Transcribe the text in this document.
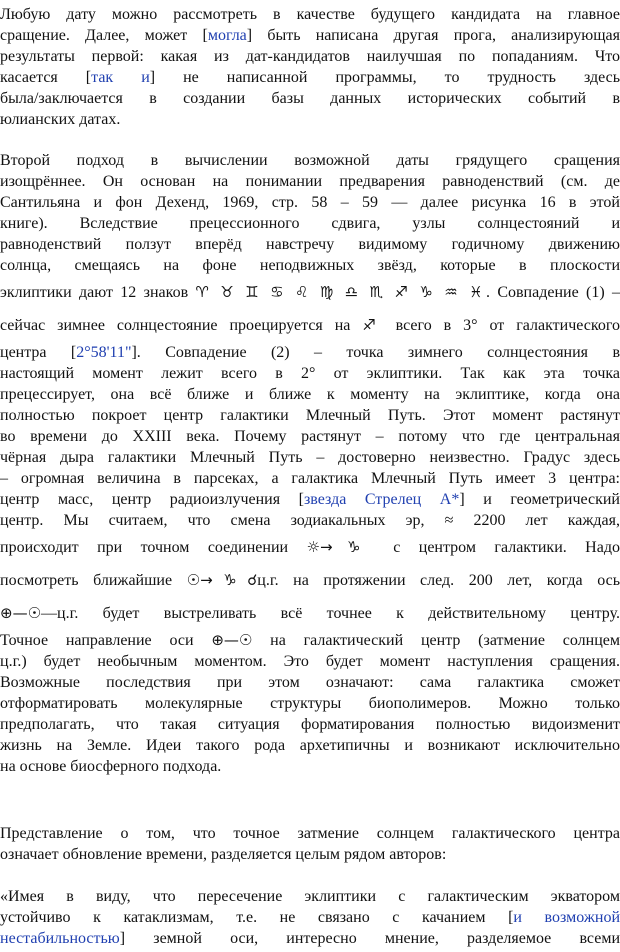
Любую дату можно рассмотреть в качестве будущего кандидата на главное
сращение. Далее, может [могла] быть написана другая прога, анализирующая
результаты первой: какая из дат-кандидатов наилучшая по попаданиям. Что
касается [так и] не написанной программы, то трудность здесь
была/заключается в создании базы данных исторических событий в
юлианских датах.
Второй подход в вычислении возможной даты грядущего сращения
изощрённее. Он основан на понимании предварения равноденствий (см. де
Сантильяна и фон Дехенд, 1969, стр. 58 – 59 — далее рисунка 16 в этой
книге). Вследствие прецессионного сдвига, узлы солнцестояний и
равноденствий ползут вперёд навстречу видимому годичному движению
солнца, смещаясь на фоне неподвижных звёзд, которые в плоскости
эклиптики дают 12 знаков ♈ ♉ ♊ ♋ ♌ ♍ ♎ ♏ ♐ ♑ ♒ ♓. Совпадение (1) –
сейчас зимнее солнцестояние проецируется на ♐ всего в 3° от галактического
центра [2°58'11"]. Совпадение (2) – точка зимнего солнцестояния в
настоящий момент лежит всего в 2° от эклиптики. Так как эта точка
прецессирует, она всё ближе и ближе к моменту на эклиптике, когда она
полностью покроет центр галактики Млечный Путь. Этот момент растянут
во времени до XXIII века. Почему растянут – потому что где центральная
чёрная дыра галактики Млечный Путь – достоверно неизвестно. Градус здесь
– огромная величина в парсеках, а галактика Млечный Путь имеет 3 центра:
центр масс, центр радиоизлучения [звезда Стрелец А*] и геометрический
центр. Мы считаем, что смена зодиакальных эр, ≈ 2200 лет каждая,
происходит при точном соединении ☼→♑ с центром галактики. Надо
посмотреть ближайшие ☉→♑☌ц.г. на протяжении след. 200 лет, когда ось
⊕—☉—ц.г. будет выстреливать всё точнее к действительному центру.
Точное направление оси ⊕—☉ на галактический центр (затмение солнцем
ц.г.) будет необычным моментом. Это будет момент наступления сращения.
Возможные последствия при этом означают: сама галактика сможет
отформатировать молекулярные структуры биополимеров. Можно только
предполагать, что такая ситуация форматирования полностью видоизменит
жизнь на Земле. Идеи такого рода архетипичны и возникают исключительно
на основе биосферного подхода.
Представление о том, что точное затмение солнцем галактического центра
означает обновление времени, разделяется целым рядом авторов:
«Имея в виду, что пересечение эклиптики с галактическим экватором
устойчиво к катаклизмам, т.е. не связано с качанием [и возможной
нестабильностью] земной оси, интересно мнение, разделяемое всеми
